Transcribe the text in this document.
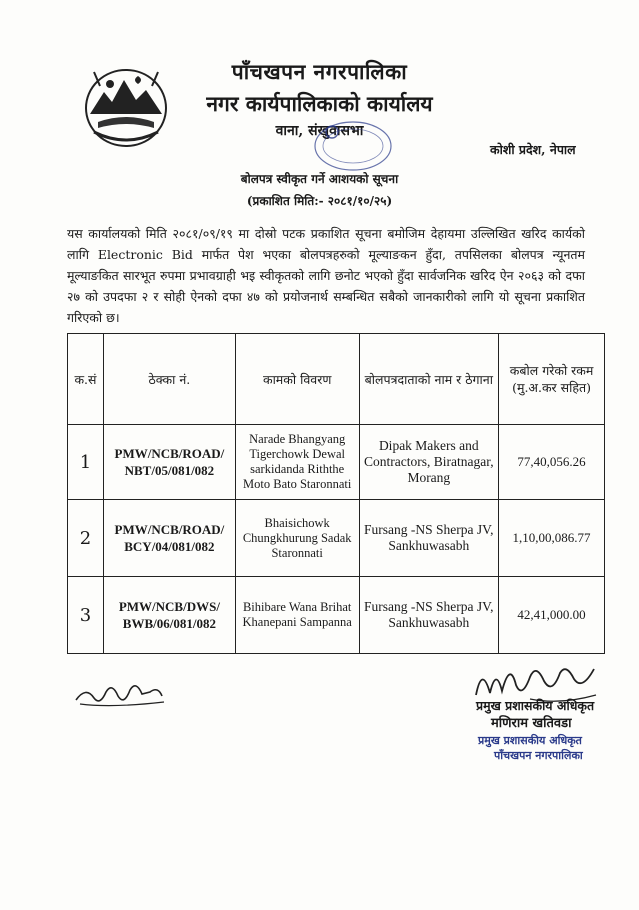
पाँचखपन नगरपालिका
नगर कार्यपालिकाको कार्यालय
वाना, संखुवासभा
कोशी प्रदेश, नेपाल
बोलपत्र स्वीकृत गर्ने आशयको सूचना
(प्रकाशित मिति:- २०८१/१०/२५)
यस कार्यालयको मिति २०८१/०९/१९ मा दोस्रो पटक प्रकाशित सूचना बमोजिम देहायमा उल्लिखित खरिद कार्यको लागि Electronic Bid मार्फत पेश भएका बोलपत्रहरुको मूल्याङकन हुँदा, तपसिलका बोलपत्र न्यूनतम मूल्याङकित सारभूत रुपमा प्रभावग्राही भइ स्वीकृतको लागि छनोट भएको हुँदा सार्वजनिक खरिद ऐन २०६३ को दफा २७ को उपदफा २ र सोही ऐनको दफा ४७ को प्रयोजनार्थ सम्बन्धित सबैको जानकारीको लागि यो सूचना प्रकाशित गरिएको छ।
क.सं	ठेक्का नं.	कामको विवरण	बोलपत्रदाताको नाम र ठेगाना	कबोल गरेको रकम (मु.अ.कर सहित)
1	PMW/NCB/ROAD/ NBT/05/081/082	Narade Bhangyang Tigerchowk Dewal sarkidanda Riththe Moto Bato Staronnati	Dipak Makers and Contractors, Biratnagar, Morang	77,40,056.26
2	PMW/NCB/ROAD/ BCY/04/081/082	Bhaisichowk Chungkhurung Sadak Staronnati	Fursang -NS Sherpa JV, Sankhuwasabh	1,10,00,086.77
3	PMW/NCB/DWS/ BWB/06/081/082	Bihibare Wana Brihat Khanepani Sampanna	Fursang -NS Sherpa JV, Sankhuwasabh	42,41,000.00
प्रमुख प्रशासकीय अधिकृत
मणिराम खतिवडा
प्रमुख प्रशासकीय अधिकृत
पाँचखपन नगरपालिका
